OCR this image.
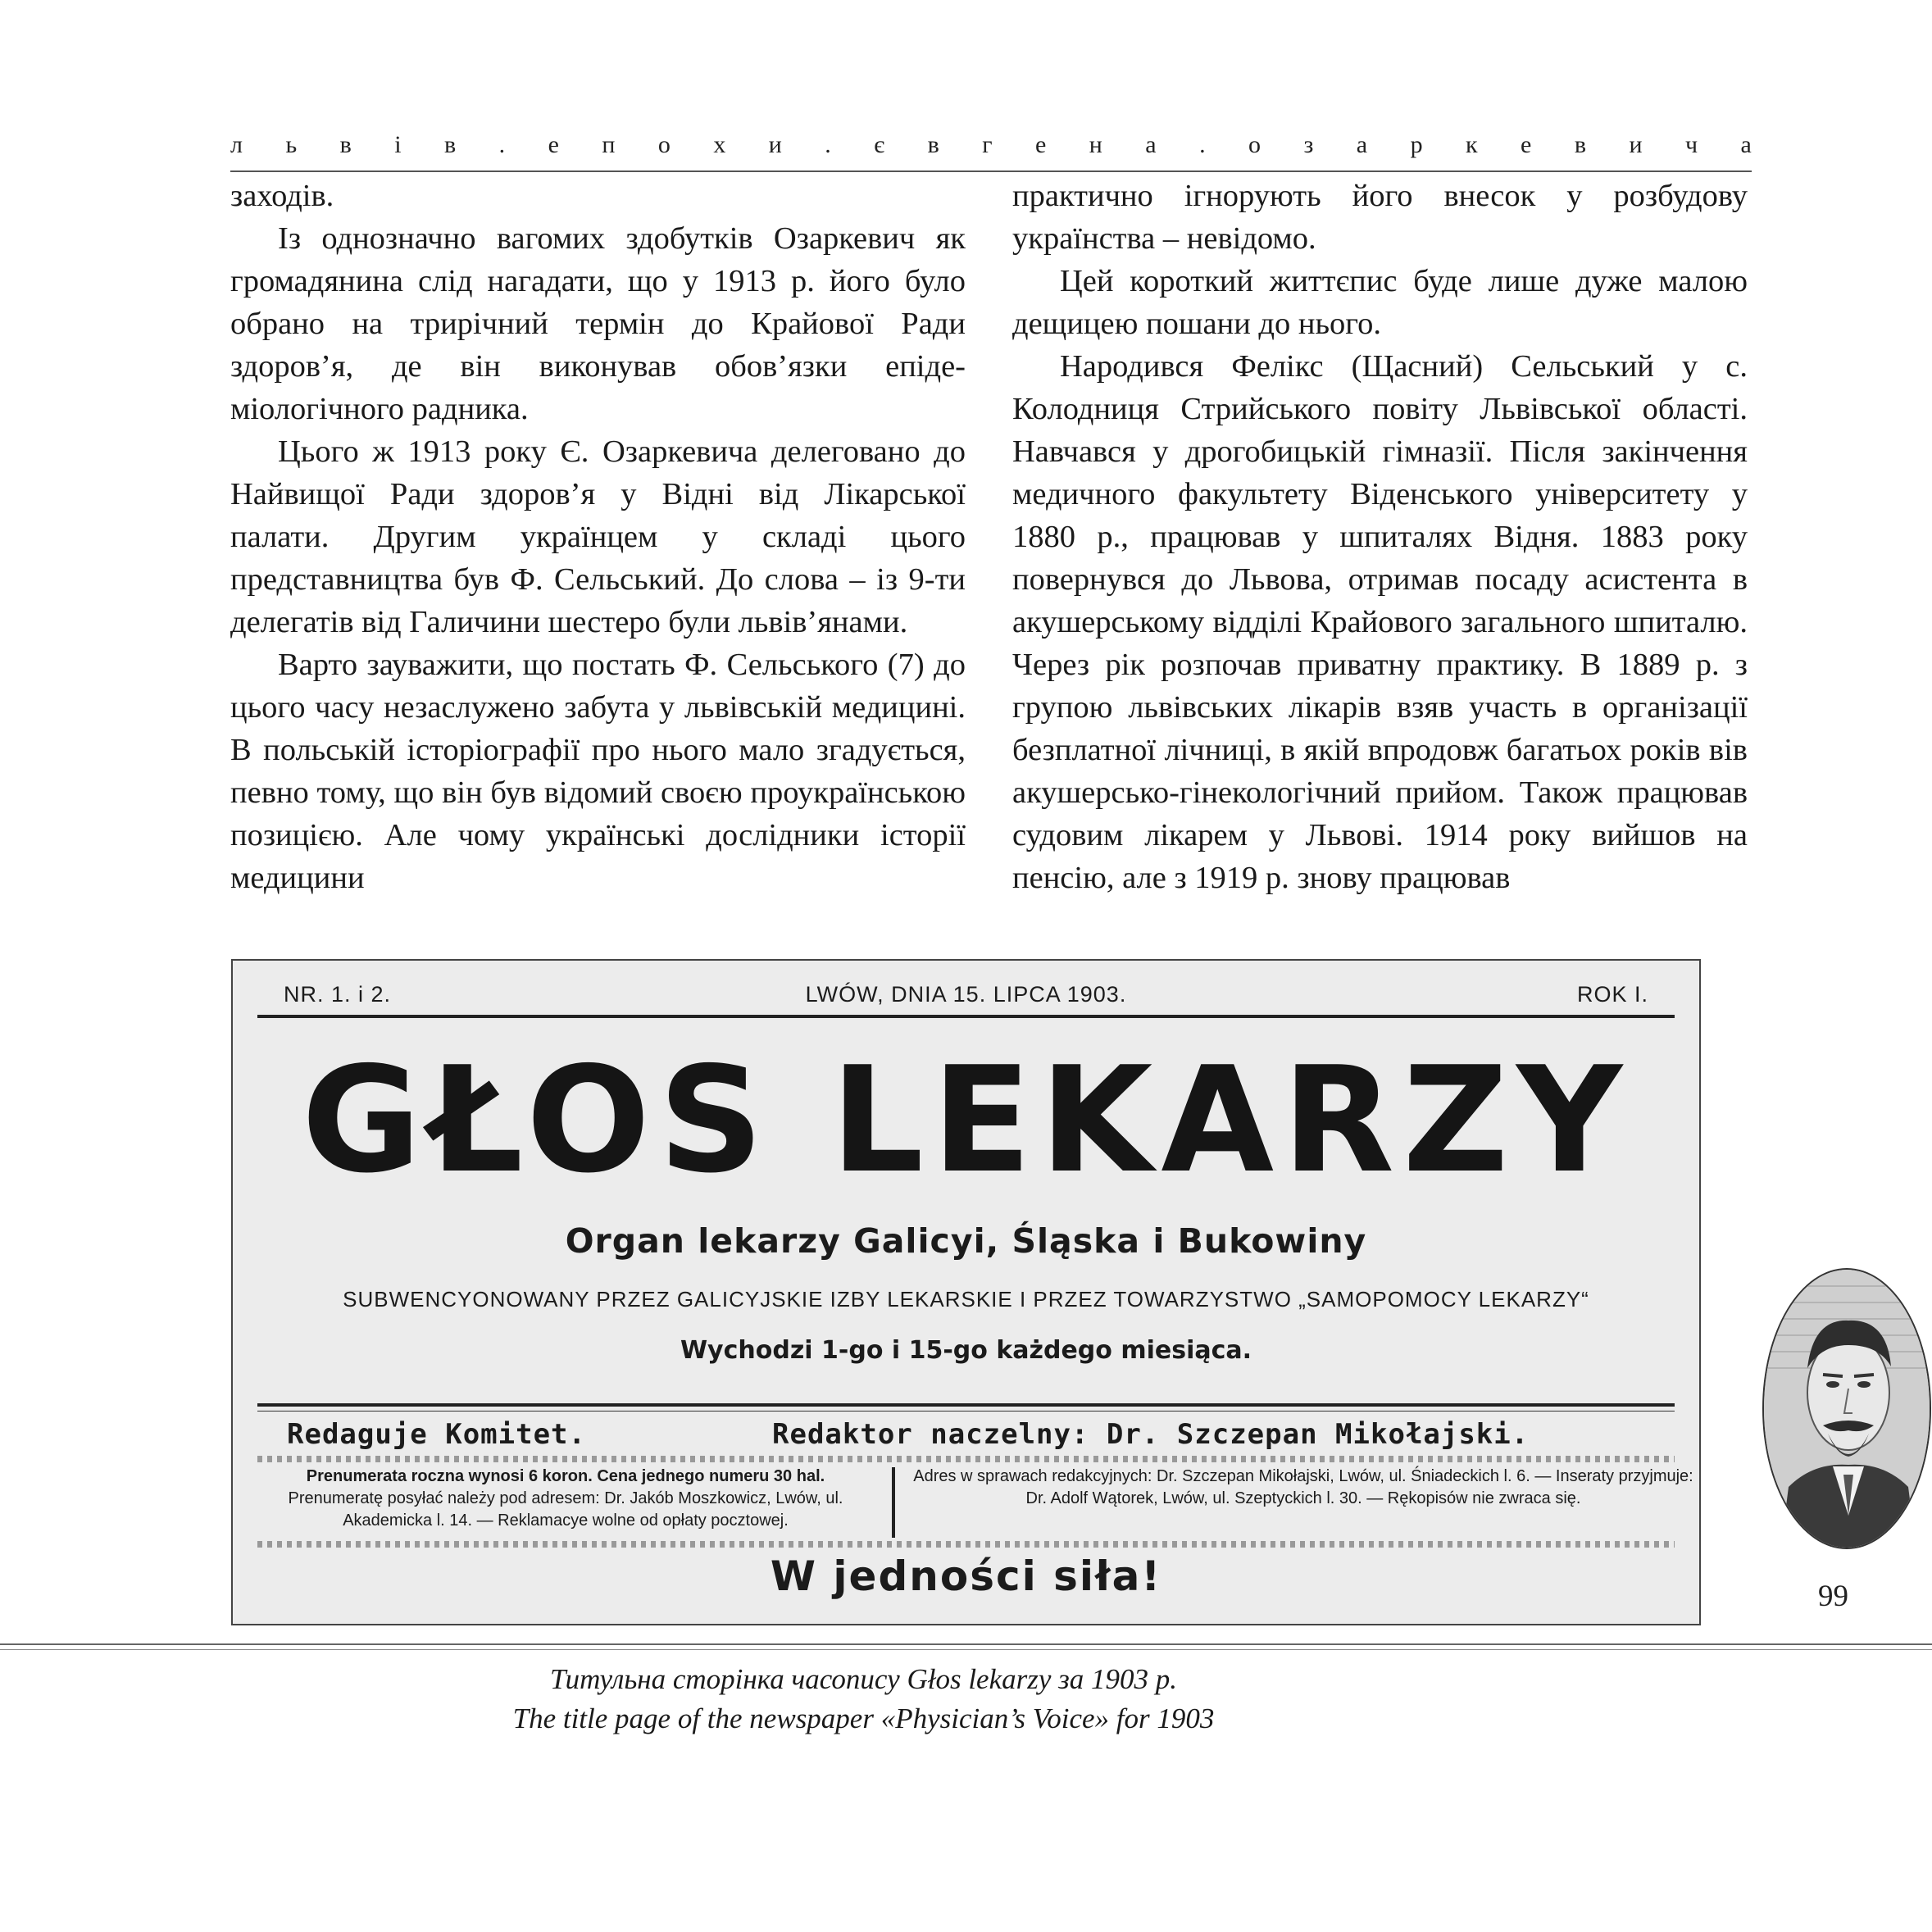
л ь в і в . е п о х и . є в г е н а . о з а р к е в и ч а

заходів.

Із однозначно вагомих здобутків Озаркевич як громадянина слід нагадати, що у 1913 р. його було обрано на трирічний термін до Крайової Ради здоров’я, де він виконував обов’язки епідеміологічного радника.

Цього ж 1913 року Є. Озаркевича делеговано до Найвищої Ради здоров’я у Відні від Лікарської палати. Другим українцем у складі цього представництва був Ф. Сельський. До слова – із 9-ти делегатів від Галичини шестеро були львів’янами.

Варто зауважити, що постать Ф. Сельського (7) до цього часу незаслужено забута у львівській медицині. В польській історіографії про нього мало згадується, певно тому, що він був відомий своєю проукраїнською позицією. Але чому українські дослідники історії медицини

практично ігнорують його внесок у розбудову українства – невідомо.

Цей короткий життєпис буде лише дуже малою дещицею пошани до нього.

Народився Фелікс (Щасний) Сельський у с. Колодниця Стрийського повіту Львівської області. Навчався у дрогобицькій гімназії. Після закінчення медичного факультету Віденського університету у 1880 р., працював у шпиталях Відня. 1883 року повернувся до Львова, отримав посаду асистента в акушерському відділі Крайового загального шпиталю. Через рік розпочав приватну практику. В 1889 р. з групою львівських лікарів взяв участь в організації безплатної лічниці, в якій впродовж багатьох років вів акушерсько-гінекологічний прийом. Також працював судовим лікарем у Львові. 1914 року вийшов на пенсію, але з 1919 р. знову працював

NR. 1. i 2.	LWÓW, DNIA 15. LIPCA 1903.	ROK I.
GŁOS LEKARZY
Organ lekarzy Galicyi, Śląska i Bukowiny
SUBWENCYONOWANY PRZEZ GALICYJSKIE IZBY LEKARSKIE I PRZEZ TOWARZYSTWO „SAMOPOMOCY LEKARZY“
Wychodzi 1-go i 15-go każdego miesiąca.
Redaguje Komitet.	Redaktor naczelny: Dr. Szczepan Mikołajski.
Prenumerata roczna wynosi 6 koron. Cena jednego numeru 30 hal.
Prenumeratę posyłać należy pod adresem: Dr. Jakób Moszkowicz, Lwów, ul. Akademicka l. 14. — Reklamacye wolne od opłaty pocztowej.
Adres w sprawach redakcyjnych: Dr. Szczepan Mikołajski, Lwów, ul. Śniadeckich l. 6. — Inseraty przyjmuje: Dr. Adolf Wątorek, Lwów, ul. Szeptyckich l. 30. — Rękopisów nie zwraca się.
W jedności siła!	99
Титульна сторінка часопису Głos lekarzy за 1903 р.
The title page of the newspaper «Physician’s Voice» for 1903
